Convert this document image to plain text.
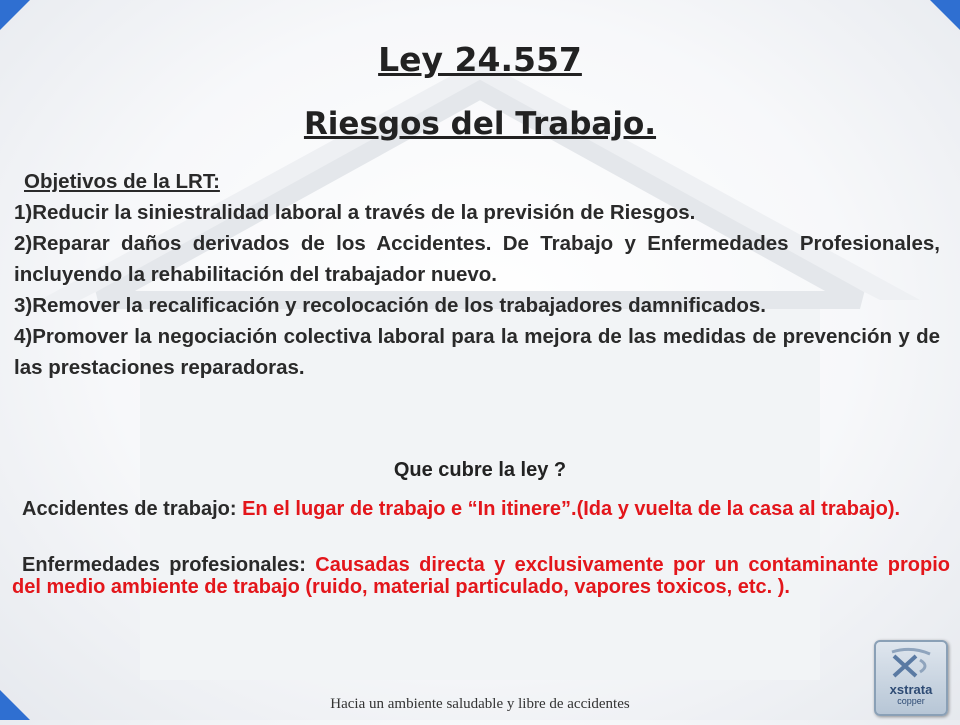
Ley 24.557
Riesgos del Trabajo.
Objetivos de la LRT:
1)Reducir la siniestralidad laboral a través de la previsión de Riesgos.
2)Reparar daños derivados de los Accidentes. De Trabajo y Enfermedades Profesionales, incluyendo la rehabilitación del trabajador nuevo.
3)Remover la recalificación y recolocación de los trabajadores damnificados.
4)Promover la negociación colectiva laboral para la mejora de las medidas de prevención y de las prestaciones reparadoras.
Que cubre la ley ?
Accidentes de trabajo: En el lugar de trabajo e “In itinere”.(Ida y vuelta de la casa al trabajo).
Enfermedades profesionales: Causadas directa y exclusivamente por un contaminante propio del medio ambiente de trabajo (ruido, material particulado, vapores toxicos, etc. ).
Hacia un ambiente saludable y libre de accidentes
xstrata
copper
